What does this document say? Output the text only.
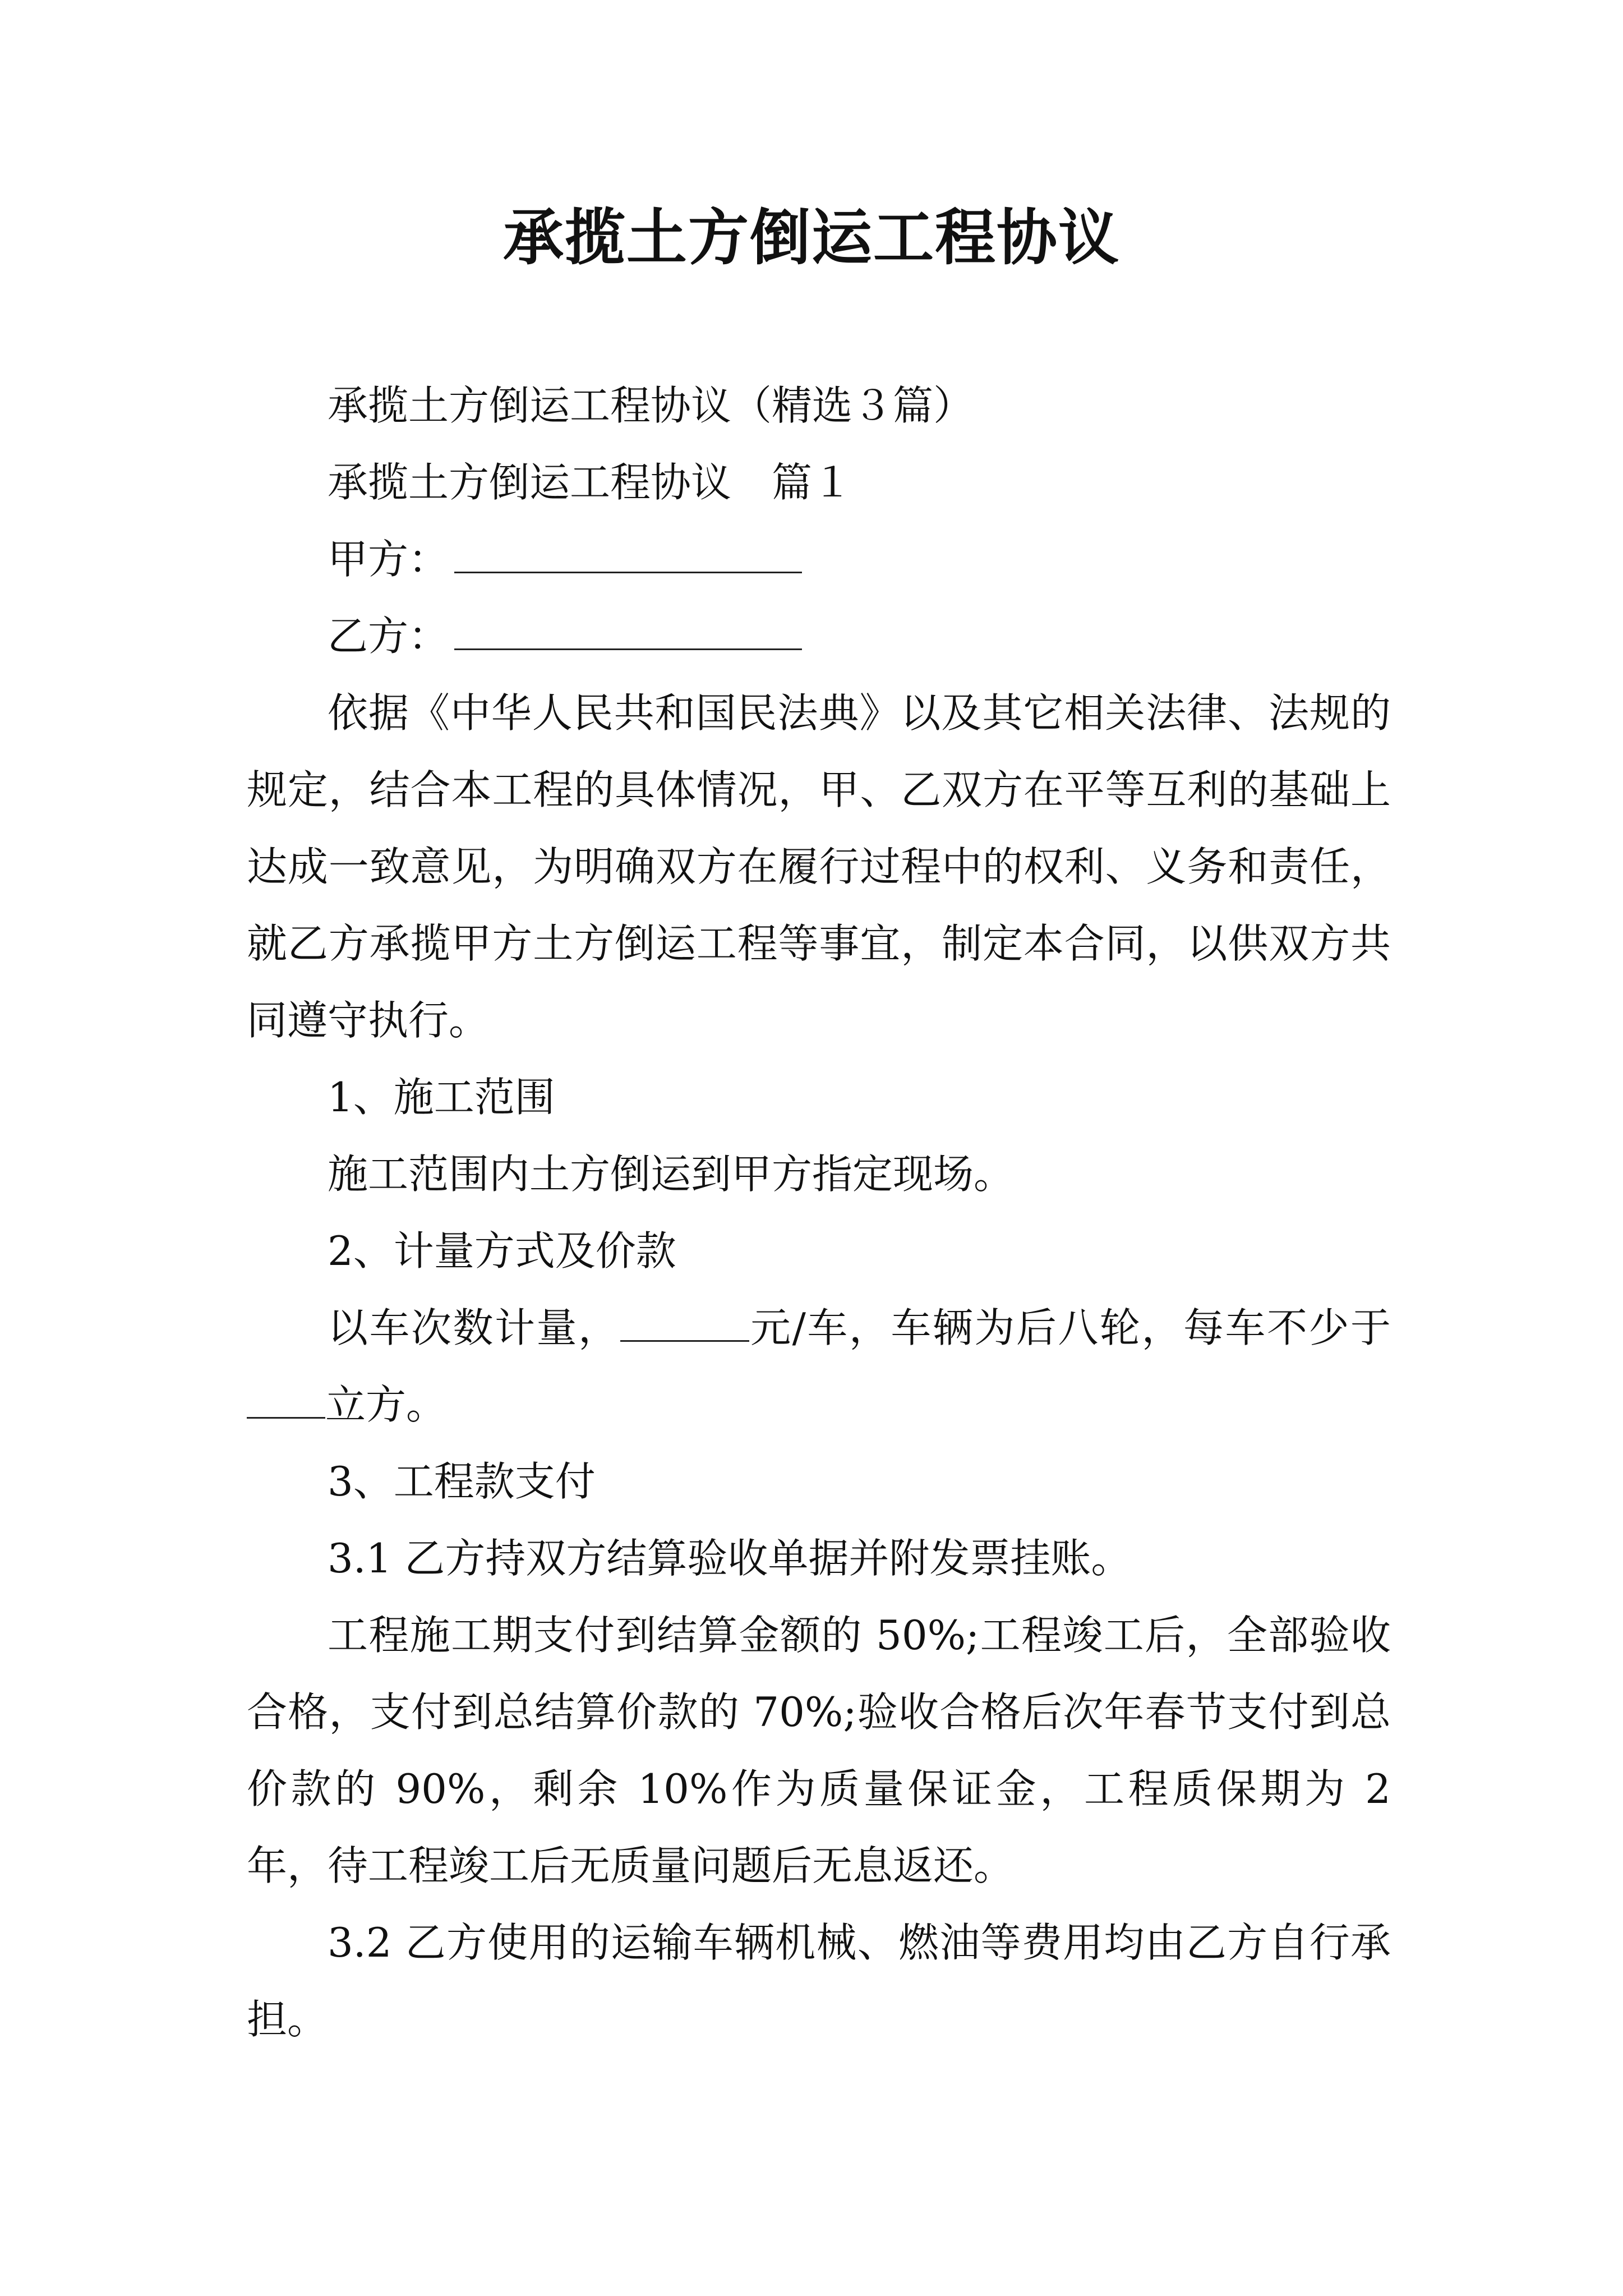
承揽土方倒运工程协议

承揽土方倒运工程协议（精选３篇）

承揽土方倒运工程协议　篇１

甲方：

乙方：

依据《中华人民共和国民法典》以及其它相关法律、法规的规定，结合本工程的具体情况，甲、乙双方在平等互利的基础上达成一致意见，为明确双方在履行过程中的权利、义务和责任，就乙方承揽甲方土方倒运工程等事宜，制定本合同，以供双方共同遵守执行。

1、施工范围

施工范围内土方倒运到甲方指定现场。

2、计量方式及价款

以车次数计量，	元/车，车辆为后八轮，每车不少于立方。

3、工程款支付

3.1 乙方持双方结算验收单据并附发票挂账。

工程施工期支付到结算金额的 50%;工程竣工后，全部验收合格，支付到总结算价款的 70%;验收合格后次年春节支付到总价款的 90%，剩余 10%作为质量保证金，工程质保期为 2 年，待工程竣工后无质量问题后无息返还。

3.2 乙方使用的运输车辆机械、燃油等费用均由乙方自行承担。
